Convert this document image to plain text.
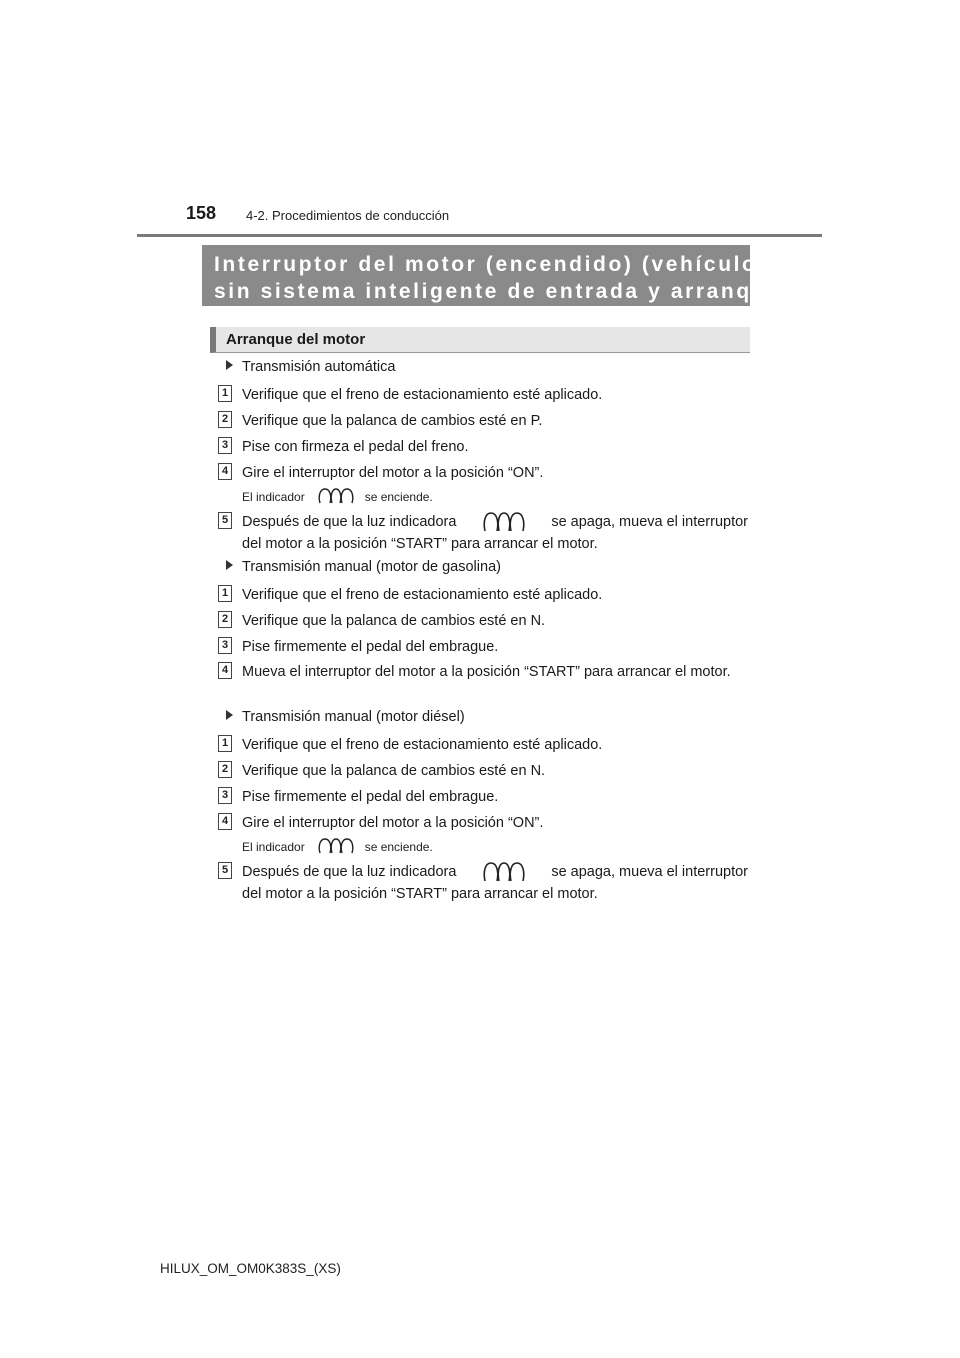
158 4-2. Procedimientos de conducción
Interruptor del motor (encendido) (vehículos
sin sistema inteligente de entrada y arranque)
Arranque del motor
Transmisión automática
1 Verifique que el freno de estacionamiento esté aplicado.
2 Verifique que la palanca de cambios esté en P.
3 Pise con firmeza el pedal del freno.
4 Gire el interruptor del motor a la posición “ON”.
El indicador	se enciende.
5 Después de que la luz indicadora	se apaga, mueva el interruptor
del motor a la posición “START” para arrancar el motor.
Transmisión manual (motor de gasolina)
1 Verifique que el freno de estacionamiento esté aplicado.
2 Verifique que la palanca de cambios esté en N.
3 Pise firmemente el pedal del embrague.
4 Mueva el interruptor del motor a la posición “START” para arrancar el motor.
Transmisión manual (motor diésel)
1 Verifique que el freno de estacionamiento esté aplicado.
2 Verifique que la palanca de cambios esté en N.
3 Pise firmemente el pedal del embrague.
4 Gire el interruptor del motor a la posición “ON”.
El indicador	se enciende.
5 Después de que la luz indicadora	se apaga, mueva el interruptor
del motor a la posición “START” para arrancar el motor.
HILUX_OM_OM0K383S_(XS)
